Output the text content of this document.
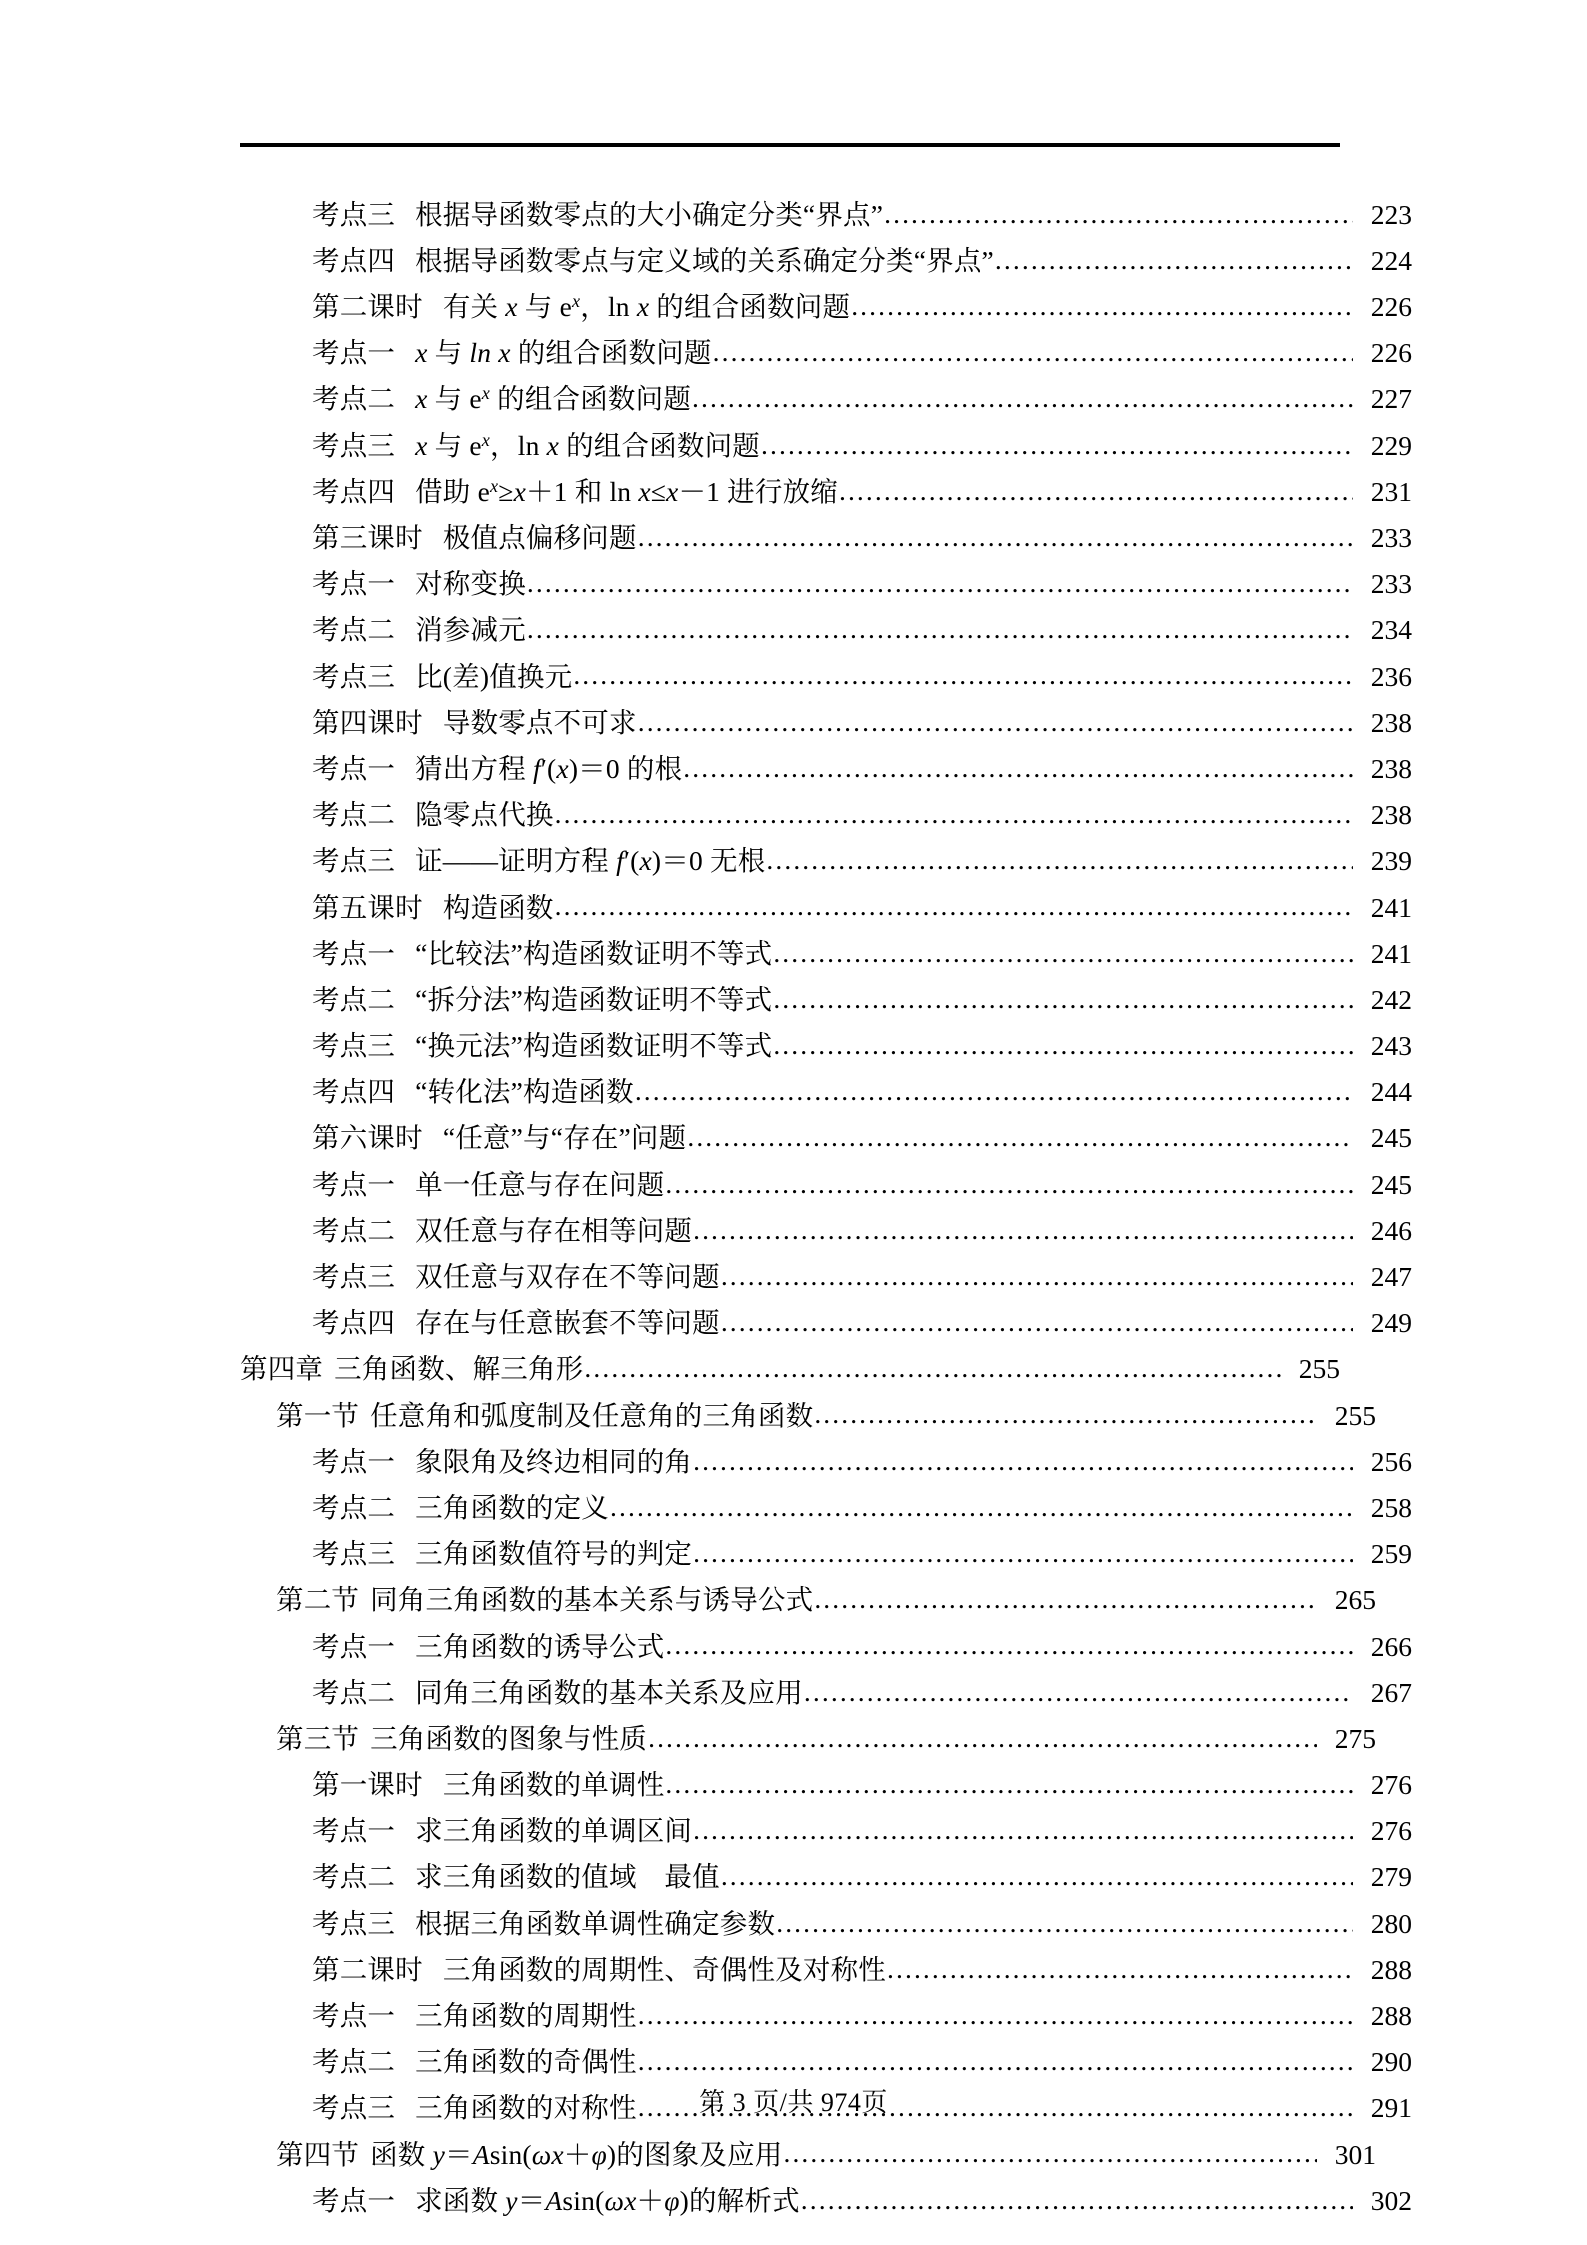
考点三 根据导函数零点的大小确定分类“界点” .....	223
考点四 根据导函数零点与定义域的关系确定分类“界点” .....	224
第二课时 有关 x 与 $e^x$，ln x 的组合函数问题 .....	226
考点一 x 与 ln x 的组合函数问题 .....	226
考点二 x 与 $e^x$ 的组合函数问题 .....	227
考点三 x 与 $e^x$，ln x 的组合函数问题 .....	229
考点四 借助 $e^x\ge x+1$ 和 ln x≤x－1 进行放缩 .....	231
第三课时 极值点偏移问题 .....	233
考点一 对称变换 .....	233
考点二 消参减元 .....	234
考点三 比(差)值换元 .....	236
第四课时 导数零点不可求 .....	238
考点一 猜出方程 f′(x)＝0 的根 .....	238
考点二 隐零点代换 .....	238
考点三 证——证明方程 f′(x)＝0 无根 .....	239
第五课时 构造函数 .....	241
考点一 “比较法”构造函数证明不等式 .....	241
考点二 “拆分法”构造函数证明不等式 .....	242
考点三 “换元法”构造函数证明不等式 .....	243
考点四 “转化法”构造函数 .....	244
第六课时 “任意”与“存在”问题 .....	245
考点一 单一任意与存在问题 .....	245
考点二 双任意与存在相等问题 .....	246
考点三 双任意与双存在不等问题 .....	247
考点四 存在与任意嵌套不等问题 .....	249
第四章 三角函数、解三角形 .....	255
第一节 任意角和弧度制及任意角的三角函数 .....	255
考点一 象限角及终边相同的角 .....	256
考点二 三角函数的定义 .....	258
考点三 三角函数值符号的判定 .....	259
第二节 同角三角函数的基本关系与诱导公式 .....	265
考点一 三角函数的诱导公式 .....	266
考点二 同角三角函数的基本关系及应用 .....	267
第三节 三角函数的图象与性质 .....	275
第一课时 三角函数的单调性 .....	276
考点一 求三角函数的单调区间 .....	276
考点二 求三角函数的值域　最值 .....	279
考点三 根据三角函数单调性确定参数 .....	280
第二课时 三角函数的周期性、奇偶性及对称性 .....	288
考点一 三角函数的周期性 .....	288
考点二 三角函数的奇偶性 .....	290
考点三 三角函数的对称性 .....	291
第四节 函数 y＝Asin(ωx＋φ)的图象及应用 .....	301
考点一 求函数 y＝Asin(ωx＋φ)的解析式 .....	302
第 3 页/共 974页
